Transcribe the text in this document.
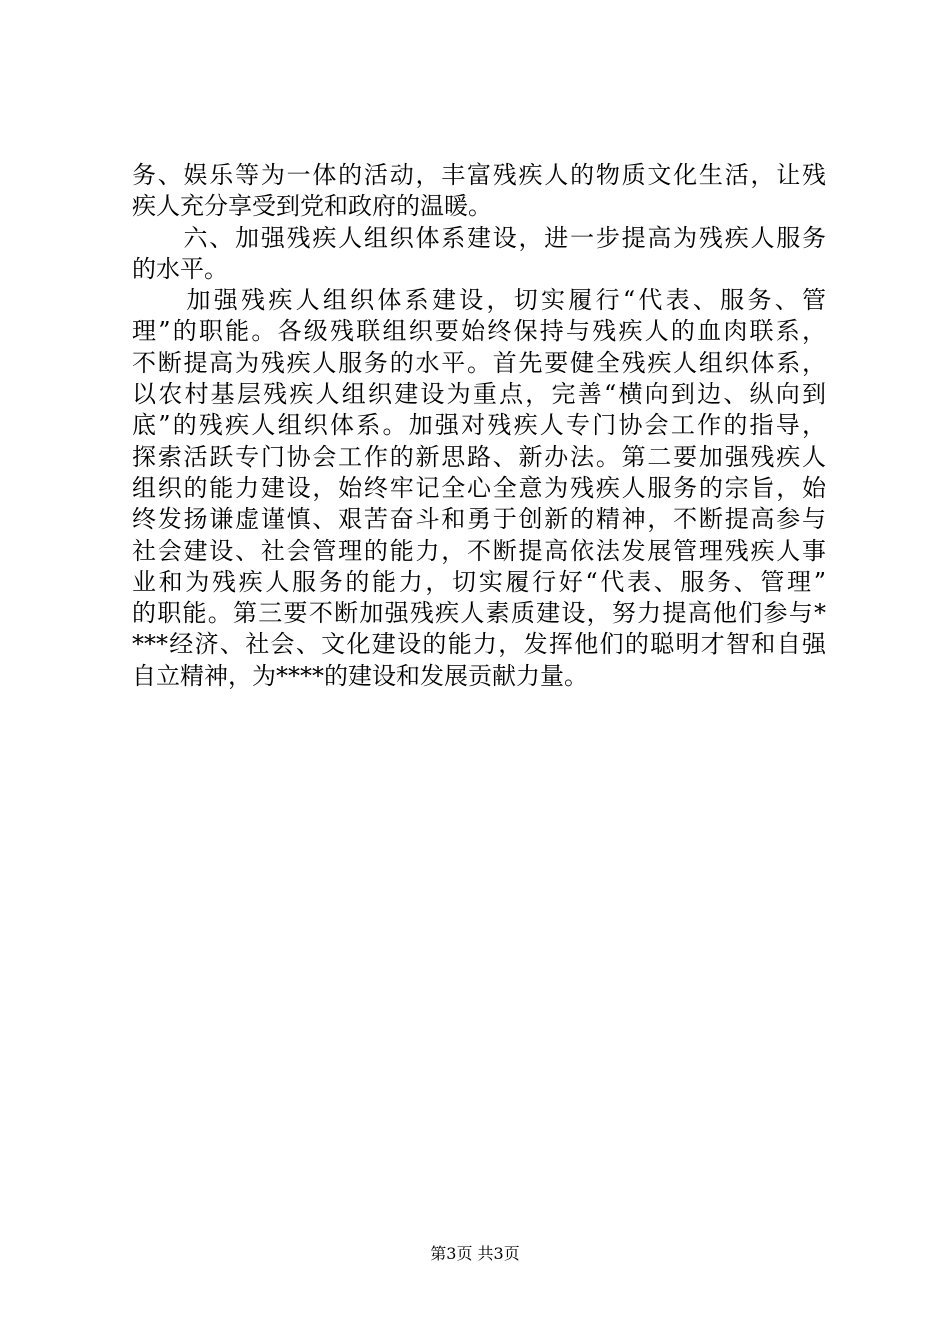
务、娱乐等为一体的活动，丰富残疾人的物质文化生活，让残
疾人充分享受到党和政府的温暖。
　　六、加强残疾人组织体系建设，进一步提高为残疾人服务
的水平。
　　加强残疾人组织体系建设，切实履行“代表、服务、管
理”的职能。各级残联组织要始终保持与残疾人的血肉联系，
不断提高为残疾人服务的水平。首先要健全残疾人组织体系，
以农村基层残疾人组织建设为重点，完善“横向到边、纵向到
底”的残疾人组织体系。加强对残疾人专门协会工作的指导，
探索活跃专门协会工作的新思路、新办法。第二要加强残疾人
组织的能力建设，始终牢记全心全意为残疾人服务的宗旨，始
终发扬谦虚谨慎、艰苦奋斗和勇于创新的精神，不断提高参与
社会建设、社会管理的能力，不断提高依法发展管理残疾人事
业和为残疾人服务的能力，切实履行好“代表、服务、管理”
的职能。第三要不断加强残疾人素质建设，努力提高他们参与*
***经济、社会、文化建设的能力，发挥他们的聪明才智和自强
自立精神，为****的建设和发展贡献力量。
第3页 共3页
